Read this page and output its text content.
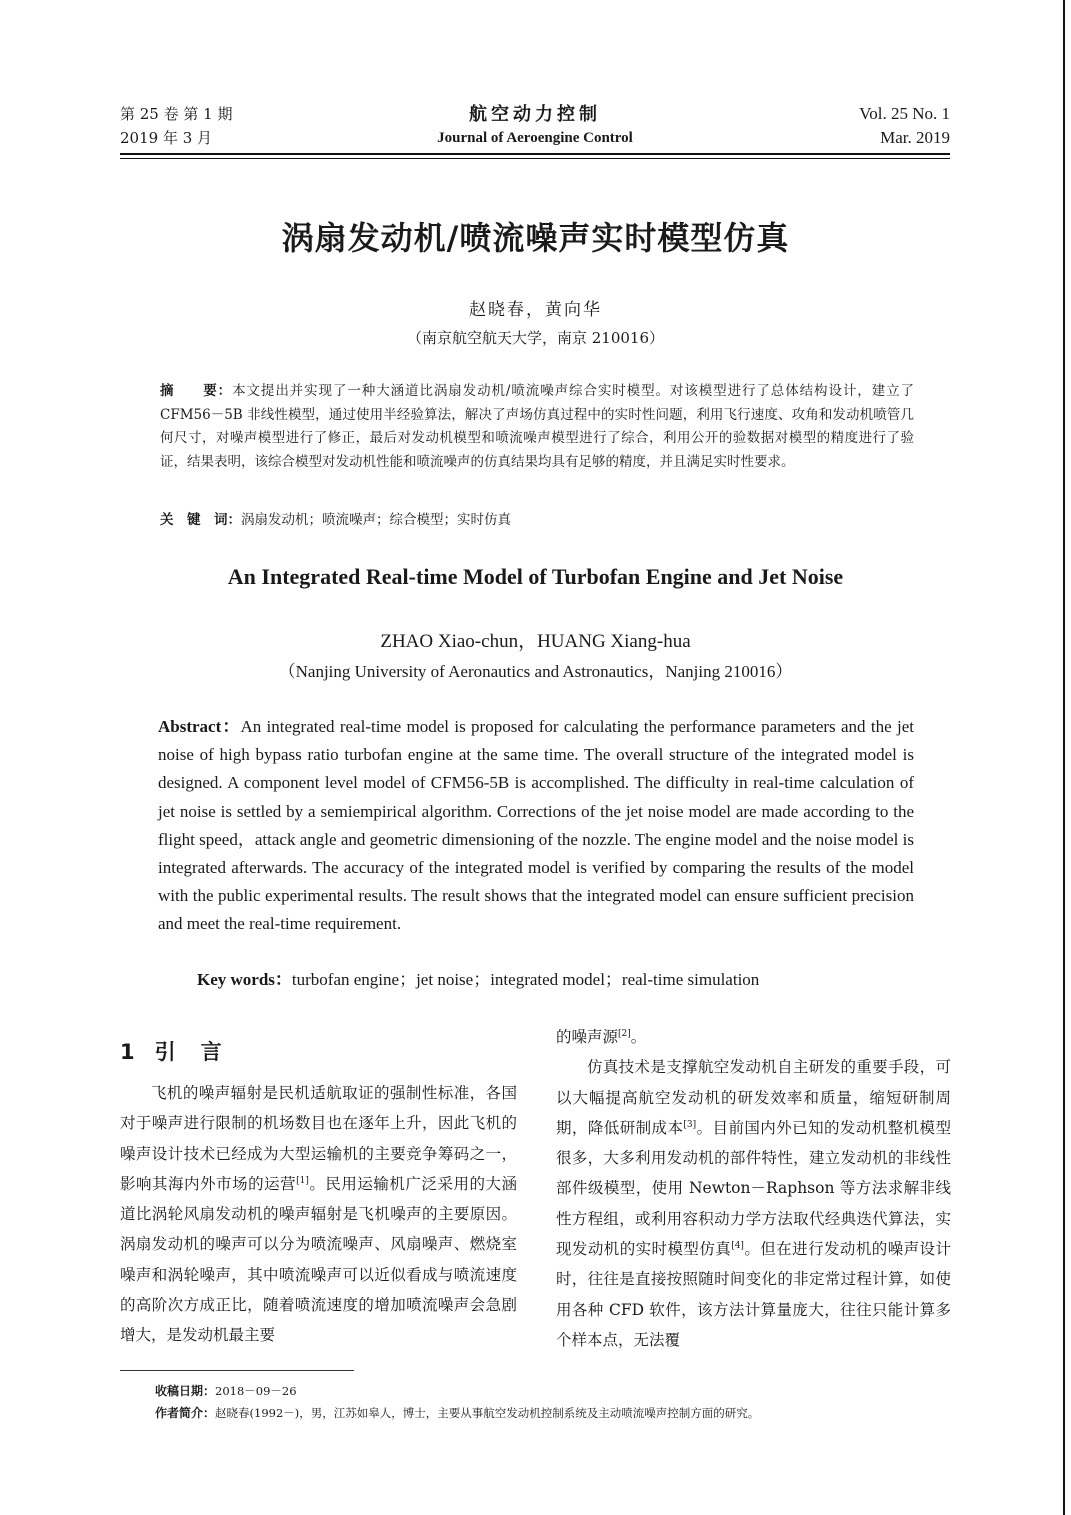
第 25 卷 第 1 期
2019 年 3 月
航空动力控制
Journal of Aeroengine Control
Vol. 25 No. 1
Mar. 2019
涡扇发动机/喷流噪声实时模型仿真
赵晓春，黄向华
（南京航空航天大学，南京 210016）
摘　　要：本文提出并实现了一种大涵道比涡扇发动机/喷流噪声综合实时模型。对该模型进行了总体结构设计，建立了 CFM56－5B 非线性模型，通过使用半经验算法，解决了声场仿真过程中的实时性问题，利用飞行速度、攻角和发动机喷管几何尺寸，对噪声模型进行了修正，最后对发动机模型和喷流噪声模型进行了综合，利用公开的验数据对模型的精度进行了验证，结果表明，该综合模型对发动机性能和喷流噪声的仿真结果均具有足够的精度，并且满足实时性要求。
关　键　词：涡扇发动机；喷流噪声；综合模型；实时仿真
An Integrated Real-time Model of Turbofan Engine and Jet Noise
ZHAO Xiao-chun，HUANG Xiang-hua
（Nanjing University of Aeronautics and Astronautics，Nanjing 210016）
Abstract：An integrated real-time model is proposed for calculating the performance parameters and the jet noise of high bypass ratio turbofan engine at the same time. The overall structure of the integrated model is designed. A component level model of CFM56-5B is accomplished. The difficulty in real-time calculation of jet noise is settled by a semiempirical algorithm. Corrections of the jet noise model are made according to the flight speed，attack angle and geometric dimensioning of the nozzle. The engine model and the noise model is integrated afterwards. The accuracy of the integrated model is verified by comparing the results of the model with the public experimental results. The result shows that the integrated model can ensure sufficient precision and meet the real-time requirement.
Key words：turbofan engine；jet noise；integrated model；real-time simulation
1 引　言

飞机的噪声辐射是民机适航取证的强制性标准，各国对于噪声进行限制的机场数目也在逐年上升，因此飞机的噪声设计技术已经成为大型运输机的主要竞争筹码之一，影响其海内外市场的运营[1]。民用运输机广泛采用的大涵道比涡轮风扇发动机的噪声辐射是飞机噪声的主要原因。涡扇发动机的噪声可以分为喷流噪声、风扇噪声、燃烧室噪声和涡轮噪声，其中喷流噪声可以近似看成与喷流速度的高阶次方成正比，随着喷流速度的增加喷流噪声会急剧增大，是发动机最主要

的噪声源[2]。

仿真技术是支撑航空发动机自主研发的重要手段，可以大幅提高航空发动机的研发效率和质量，缩短研制周期，降低研制成本[3]。目前国内外已知的发动机整机模型很多，大多利用发动机的部件特性，建立发动机的非线性部件级模型，使用 Newton－Raphson 等方法求解非线性方程组，或利用容积动力学方法取代经典迭代算法，实现发动机的实时模型仿真[4]。但在进行发动机的噪声设计时，往往是直接按照随时间变化的非定常过程计算，如使用各种 CFD 软件，该方法计算量庞大，往往只能计算多个样本点，无法覆

收稿日期：2018－09－26
作者简介：赵晓春(1992－)，男，江苏如皋人，博士，主要从事航空发动机控制系统及主动喷流噪声控制方面的研究。
